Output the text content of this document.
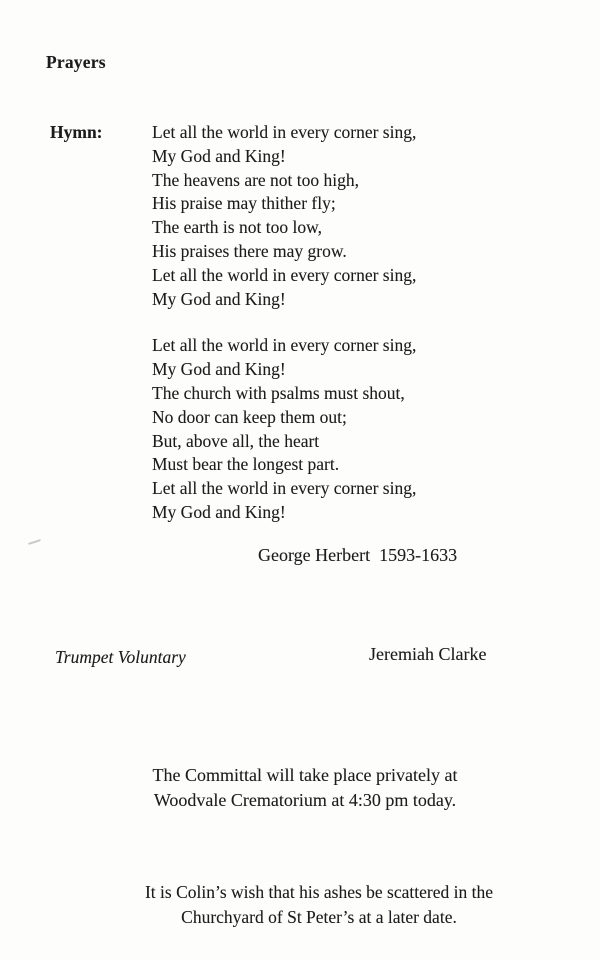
Prayers
Hymn:	Let all the world in every corner sing,

My God and King!

The heavens are not too high,

His praise may thither fly;

The earth is not too low,

His praises there may grow.

Let all the world in every corner sing,

My God and King!

Let all the world in every corner sing,

My God and King!

The church with psalms must shout,

No door can keep them out;

But, above all, the heart

Must bear the longest part.

Let all the world in every corner sing,

My God and King!

George Herbert  1593-1633
Trumpet Voluntary	Jeremiah Clarke

The Committal will take place privately at

Woodvale Crematorium at 4:30 pm today.

It is Colin’s wish that his ashes be scattered in the

Churchyard of St Peter’s at a later date.
